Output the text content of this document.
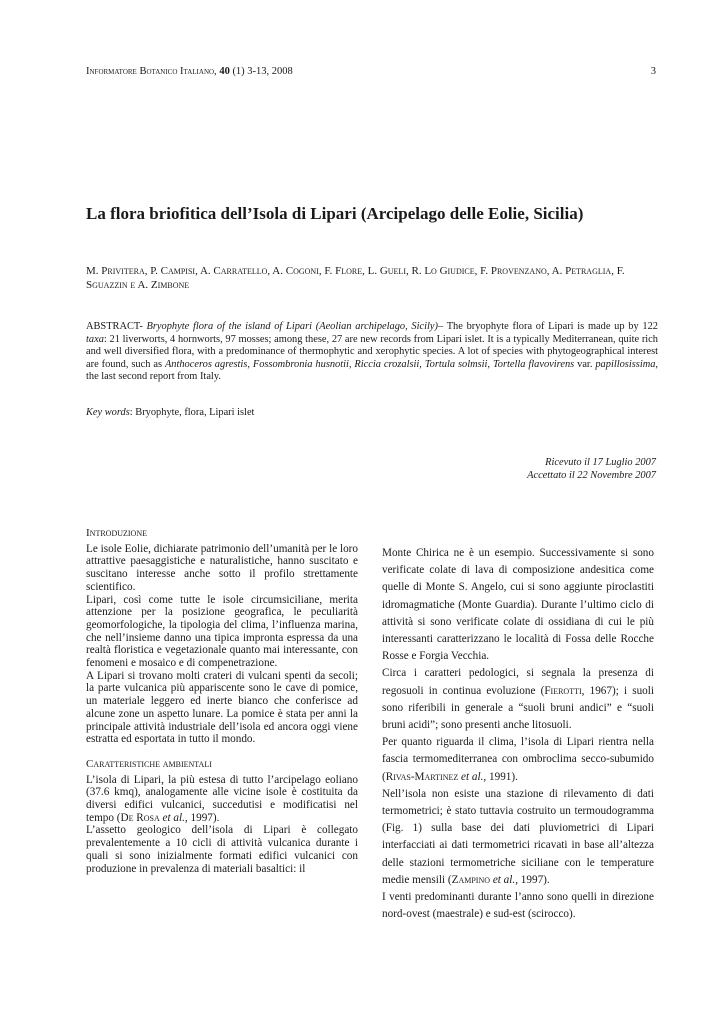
Informatore Botanico Italiano, 40 (1) 3-13, 2008	3
La flora briofitica dell’Isola di Lipari (Arcipelago delle Eolie, Sicilia)
M. Privitera, P. Campisi, A. Carratello, A. Cogoni, F. Flore, L. Gueli, R. Lo Giudice, F. Provenzano, A. Petraglia, F. Sguazzin e A. Zimbone
ABSTRACT- Bryophyte flora of the island of Lipari (Aeolian archipelago, Sicily)– The bryophyte flora of Lipari is made up by 122 taxa: 21 liverworts, 4 hornworts, 97 mosses; among these, 27 are new records from Lipari islet. It is a typically Mediterranean, quite rich and well diversified flora, with a predominance of thermophytic and xerophytic species. A lot of species with phytogeographical interest are found, such as Anthoceros agrestis, Fossombronia husnotii, Riccia crozalsii, Tortula solmsii, Tortella flavovirens var. papillosissima, the last second report from Italy.
Key words: Bryophyte, flora, Lipari islet
Ricevuto il 17 Luglio 2007
Accettato il 22 Novembre 2007
Introduzione

Le isole Eolie, dichiarate patrimonio dell’umanità per le loro attrattive paesaggistiche e naturalistiche, hanno suscitato e suscitano interesse anche sotto il profilo strettamente scientifico.

Lipari, così come tutte le isole circumsiciliane, merita attenzione per la posizione geografica, le peculiarità geomorfologiche, la tipologia del clima, l’influenza marina, che nell’insieme danno una tipica impronta espressa da una realtà floristica e vegetazionale quanto mai interessante, con fenomeni e mosaico e di compenetrazione.

A Lipari si trovano molti crateri di vulcani spenti da secoli; la parte vulcanica più appariscente sono le cave di pomice, un materiale leggero ed inerte bianco che conferisce ad alcune zone un aspetto lunare. La pomice è stata per anni la principale attività industriale dell’isola ed ancora oggi viene estratta ed esportata in tutto il mondo.

Caratteristiche ambientali

L’isola di Lipari, la più estesa di tutto l’arcipelago eoliano (37.6 kmq), analogamente alle vicine isole è costituita da diversi edifici vulcanici, succedutisi e modificatisi nel tempo (De Rosa et al., 1997).

L’assetto geologico dell’isola di Lipari è collegato prevalentemente a 10 cicli di attività vulcanica durante i quali si sono inizialmente formati edifici vulcanici con produzione in prevalenza di materiali basaltici: il

Monte Chirica ne è un esempio. Successivamente si sono verificate colate di lava di composizione andesitica come quelle di Monte S. Angelo, cui si sono aggiunte piroclastiti idromagmatiche (Monte Guardia). Durante l’ultimo ciclo di attività si sono verificate colate di ossidiana di cui le più interessanti caratterizzano le località di Fossa delle Rocche Rosse e Forgia Vecchia.

Circa i caratteri pedologici, si segnala la presenza di regosuoli in continua evoluzione (Fierotti, 1967); i suoli sono riferibili in generale a “suoli bruni andici” e “suoli bruni acidi”; sono presenti anche litosuoli.

Per quanto riguarda il clima, l’isola di Lipari rientra nella fascia termomediterranea con ombroclima secco-subumido (Rivas-Martinez et al., 1991).

Nell’isola non esiste una stazione di rilevamento di dati termometrici; è stato tuttavia costruito un termoudogramma (Fig. 1) sulla base dei dati pluviometrici di Lipari interfacciati ai dati termometrici ricavati in base all’altezza delle stazioni termometriche siciliane con le temperature medie mensili (Zampino et al., 1997).

I venti predominanti durante l’anno sono quelli in direzione nord-ovest (maestrale) e sud-est (scirocco).
